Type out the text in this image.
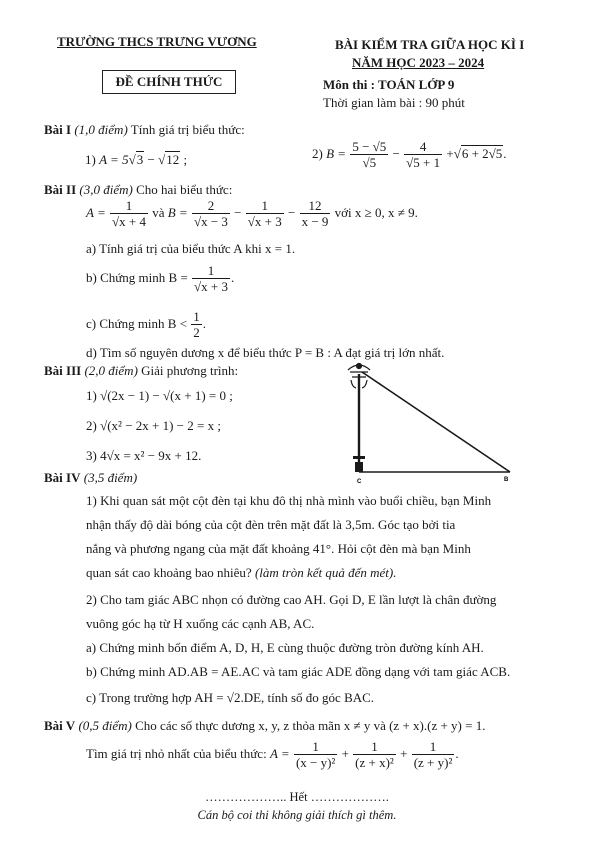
TRƯỜNG THCS TRƯNG VƯƠNG	BÀI KIỂM TRA GIỮA HỌC KÌ I
NĂM HỌC 2023 – 2024
ĐỀ CHÍNH THỨC	Môn thi : TOÁN LỚP 9
Thời gian làm bài : 90 phút
Bài I (1,0 điểm) Tính giá trị biểu thức:
1) A = 5√3 − √12 ;	2) $B = \frac{5 - √5}{√5} - \frac{4}{√5 + 1} +√6 + 2√5$.
Bài II (3,0 điểm) Cho hai biểu thức:
$A = \frac{1}{√x + 4}$ và $B = \frac{2}{√x - 3} - \frac{1}{√x + 3} - \frac{12}{x - 9}$ với x ≥ 0, x ≠ 9.
a) Tính giá trị của biểu thức A khi x = 1.
b) Chứng minh $B = \frac{1}{√x + 3}$ .
c) Chứng minh $B < \frac{1}{2}$ .
d) Tìm số nguyên dương x để biểu thức P = B : A đạt giá trị lớn nhất.
Bài III (2,0 điểm) Giải phương trình:
1) √(2x − 1) − √(x + 1) = 0 ;
2) √(x² − 2x + 1) − 2 = x ;
3) 4√x = x² − 9x + 12.
C	B
Bài IV (3,5 điểm)
1) Khi quan sát một cột đèn tại khu đô thị nhà mình vào buổi chiều, bạn Minh
nhận thấy độ dài bóng của cột đèn trên mặt đất là 3,5m. Góc tạo bởi tia
nắng và phương ngang của mặt đất khoảng 41°. Hỏi cột đèn mà bạn Minh
quan sát cao khoảng bao nhiêu? (làm tròn kết quả đến mét).
2) Cho tam giác ABC nhọn có đường cao AH. Gọi D, E lần lượt là chân đường
vuông góc hạ từ H xuống các cạnh AB, AC.
a) Chứng minh bốn điểm A, D, H, E cùng thuộc đường tròn đường kính AH.
b) Chứng minh AD.AB = AE.AC và tam giác ADE đồng dạng với tam giác ACB.
c) Trong trường hợp AH = √2.DE, tính số đo góc BAC.
Bài V (0,5 điểm) Cho các số thực dương x, y, z thỏa mãn x ≠ y và (z + x).(z + y) = 1.
Tìm giá trị nhỏ nhất của biểu thức: $A = \frac{1}{\text{(x − y)²}} + \frac{1}{\text{(z + x)²}} + \frac{1}{\text{(z + y)²}}$ .
……………….. Hết ……………….
Cán bộ coi thi không giải thích gì thêm.
